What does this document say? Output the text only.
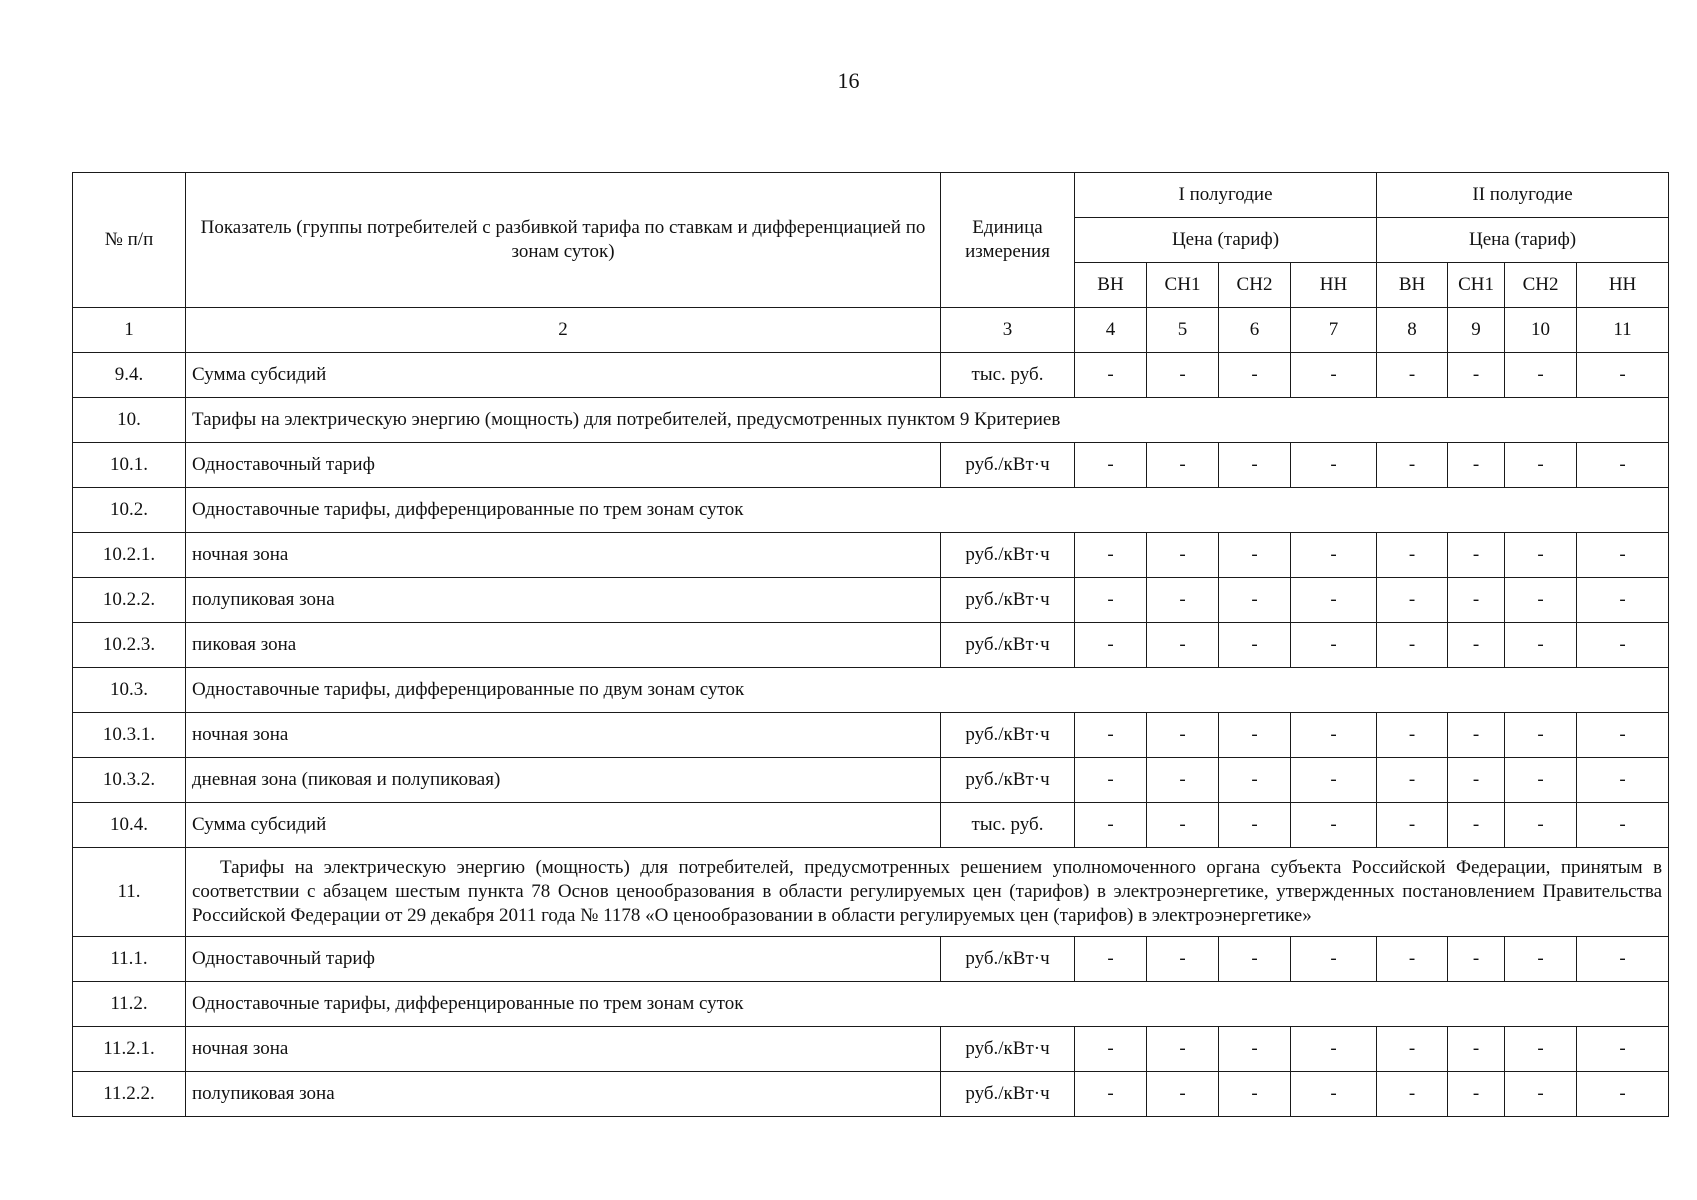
16
№ п/п	Показатель (группы потребителей с разбивкой тарифа по ставкам и дифференциацией по зонам суток)	Единица измерения	I полугодие				II полугодие			
			Цена (тариф)				Цена (тариф)			
			ВН	СН1	СН2	НН	ВН	СН1	СН2	НН
1	2	3	4	5	6	7	8	9	10	11
9.4.	Сумма субсидий	тыс. руб.	-	-	-	-	-	-	-	-
10.	Тарифы на электрическую энергию (мощность) для потребителей, предусмотренных пунктом 9 Критериев									
10.1.	Одноставочный тариф	руб./кВт·ч	-	-	-	-	-	-	-	-
10.2.	Одноставочные тарифы, дифференцированные по трем зонам суток									
10.2.1.	ночная зона	руб./кВт·ч	-	-	-	-	-	-	-	-
10.2.2.	полупиковая зона	руб./кВт·ч	-	-	-	-	-	-	-	-
10.2.3.	пиковая зона	руб./кВт·ч	-	-	-	-	-	-	-	-
10.3.	Одноставочные тарифы, дифференцированные по двум зонам суток									
10.3.1.	ночная зона	руб./кВт·ч	-	-	-	-	-	-	-	-
10.3.2.	дневная зона (пиковая и полупиковая)	руб./кВт·ч	-	-	-	-	-	-	-	-
10.4.	Сумма субсидий	тыс. руб.	-	-	-	-	-	-	-	-
11.	Тарифы на электрическую энергию (мощность) для потребителей, предусмотренных решением уполномоченного органа субъекта Российской Федерации, принятым в соответствии с абзацем шестым пункта 78 Основ ценообразования в области регулируемых цен (тарифов) в электроэнергетике, утвержденных постановлением Правительства Российской Федерации от 29 декабря 2011 года № 1178 «О ценообразовании в области регулируемых цен (тарифов) в электроэнергетике»									
11.1.	Одноставочный тариф	руб./кВт·ч	-	-	-	-	-	-	-	-
11.2.	Одноставочные тарифы, дифференцированные по трем зонам суток									
11.2.1.	ночная зона	руб./кВт·ч	-	-	-	-	-	-	-	-
11.2.2.	полупиковая зона	руб./кВт·ч	-	-	-	-	-	-	-	-
